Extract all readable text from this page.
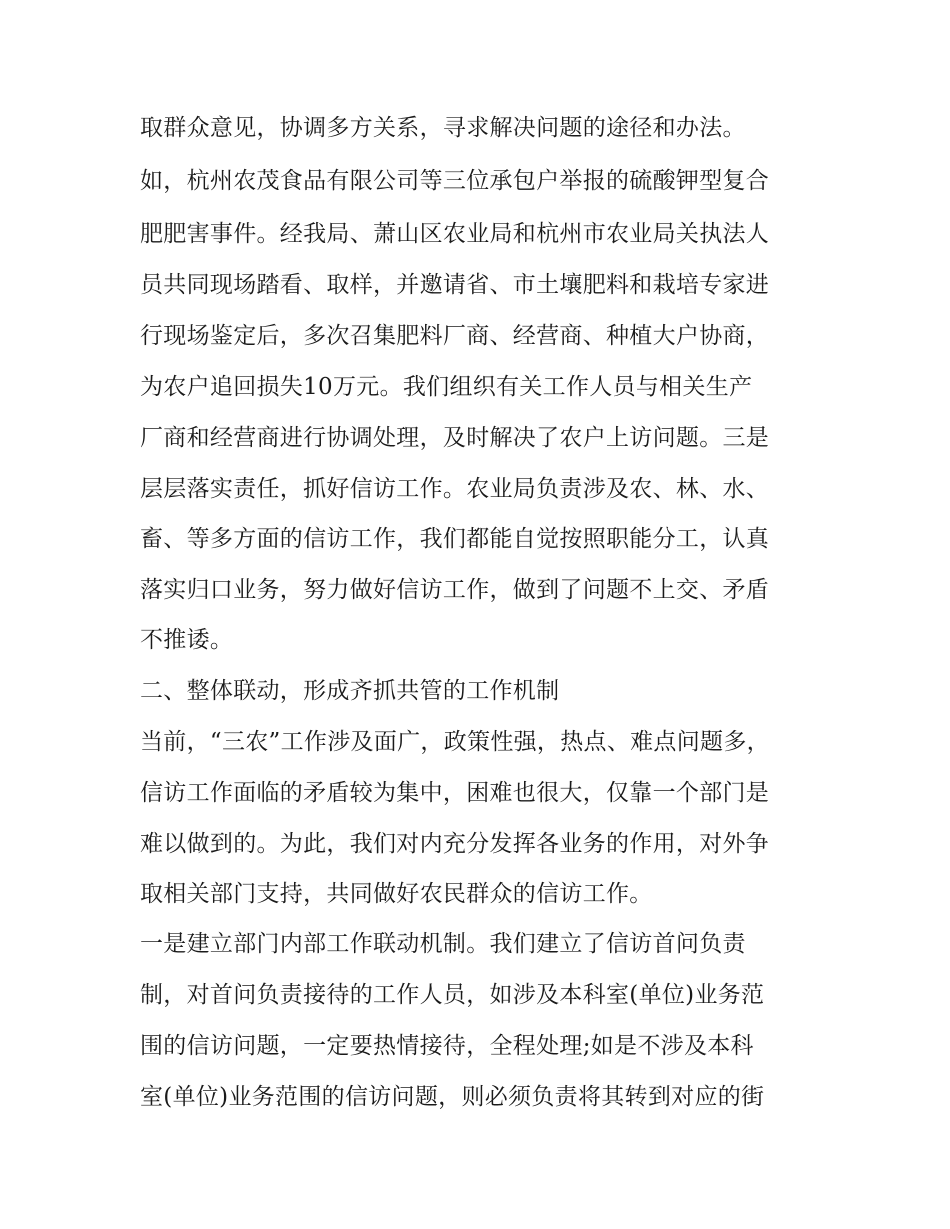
取群众意见，协调多方关系，寻求解决问题的途径和办法。
如，杭州农茂食品有限公司等三位承包户举报的硫酸钾型复合
肥肥害事件。经我局、萧山区农业局和杭州市农业局关执法人
员共同现场踏看、取样，并邀请省、市土壤肥料和栽培专家进
行现场鉴定后，多次召集肥料厂商、经营商、种植大户协商，
为农户追回损失10万元。我们组织有关工作人员与相关生产
厂商和经营商进行协调处理，及时解决了农户上访问题。三是
层层落实责任，抓好信访工作。农业局负责涉及农、林、水、
畜、等多方面的信访工作，我们都能自觉按照职能分工，认真
落实归口业务，努力做好信访工作，做到了问题不上交、矛盾
不推诿。
二、整体联动，形成齐抓共管的工作机制
当前，“三农”工作涉及面广，政策性强，热点、难点问题多，
信访工作面临的矛盾较为集中，困难也很大，仅靠一个部门是
难以做到的。为此，我们对内充分发挥各业务的作用，对外争
取相关部门支持，共同做好农民群众的信访工作。
一是建立部门内部工作联动机制。我们建立了信访首问负责
制，对首问负责接待的工作人员，如涉及本科室(单位)业务范
围的信访问题，一定要热情接待，全程处理;如是不涉及本科
室(单位)业务范围的信访问题，则必须负责将其转到对应的街
